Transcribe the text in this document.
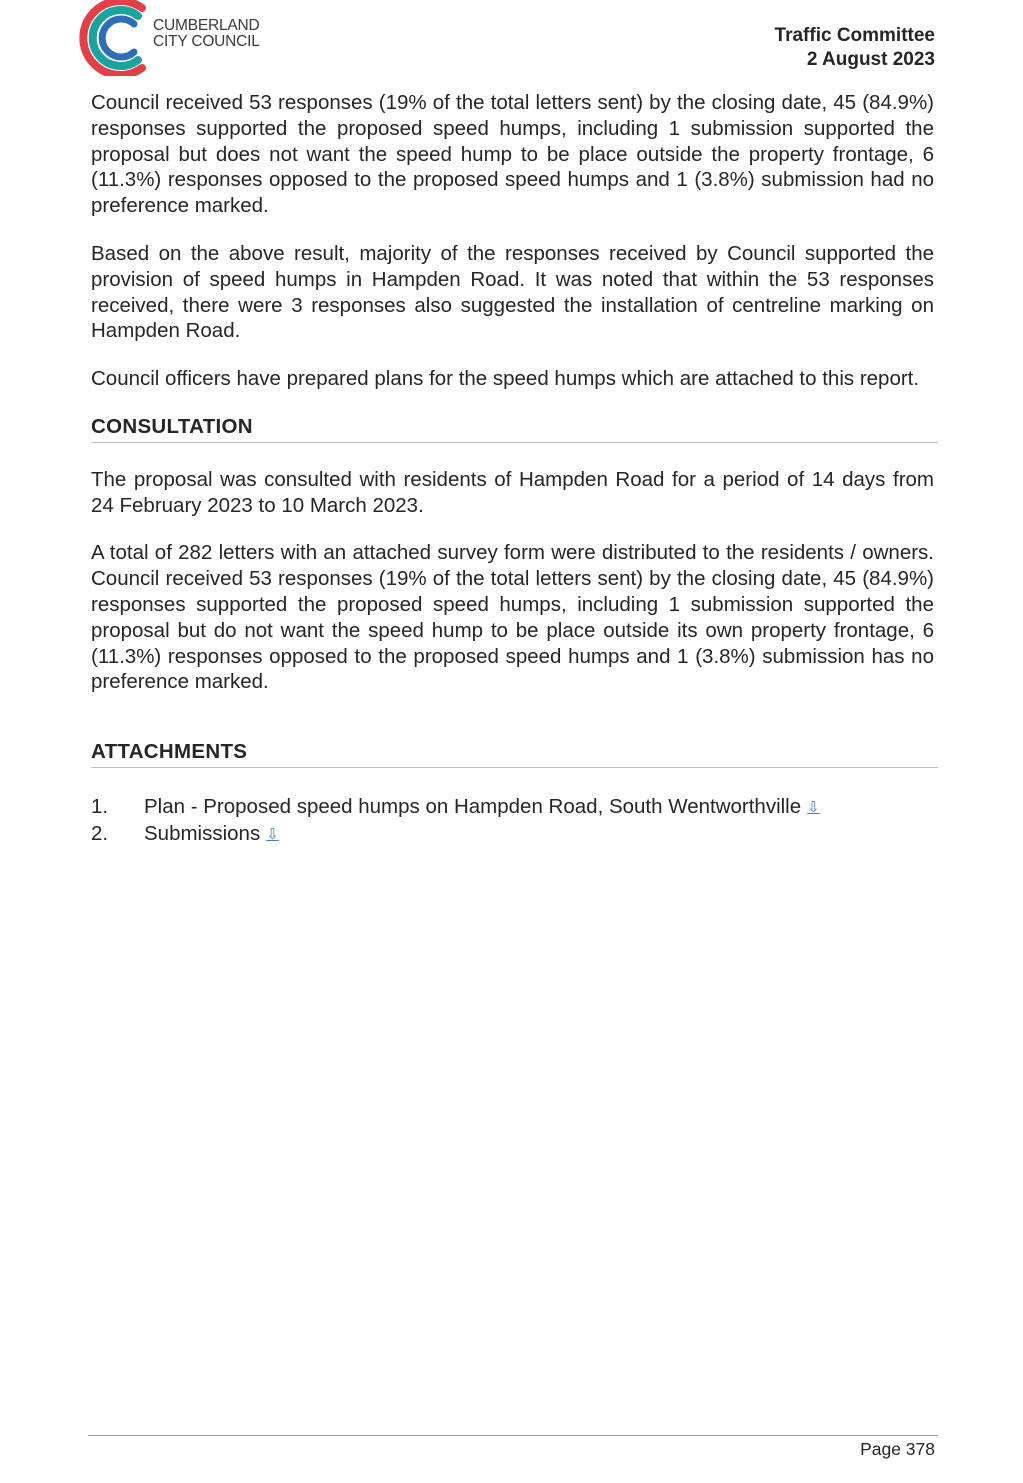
CUMBERLAND
CITY COUNCIL	Traffic Committee
2 August 2023

Council received 53 responses (19% of the total letters sent) by the closing date, 45 (84.9%) responses supported the proposed speed humps, including 1 submission supported the proposal but does not want the speed hump to be place outside the property frontage, 6 (11.3%) responses opposed to the proposed speed humps and 1 (3.8%) submission had no preference marked.

Based on the above result, majority of the responses received by Council supported the provision of speed humps in Hampden Road. It was noted that within the 53 responses received, there were 3 responses also suggested the installation of centreline marking on Hampden Road.

Council officers have prepared plans for the speed humps which are attached to this report.

CONSULTATION

The proposal was consulted with residents of Hampden Road for a period of 14 days from 24 February 2023 to 10 March 2023.

A total of 282 letters with an attached survey form were distributed to the residents / owners. Council received 53 responses (19% of the total letters sent) by the closing date, 45 (84.9%) responses supported the proposed speed humps, including 1 submission supported the proposal but do not want the speed hump to be place outside its own property frontage, 6 (11.3%) responses opposed to the proposed speed humps and 1 (3.8%) submission has no preference marked.

ATTACHMENTS
1.	Plan - Proposed speed humps on Hampden Road, South Wentworthville ⇩
2.	Submissions ⇩
Page 378
